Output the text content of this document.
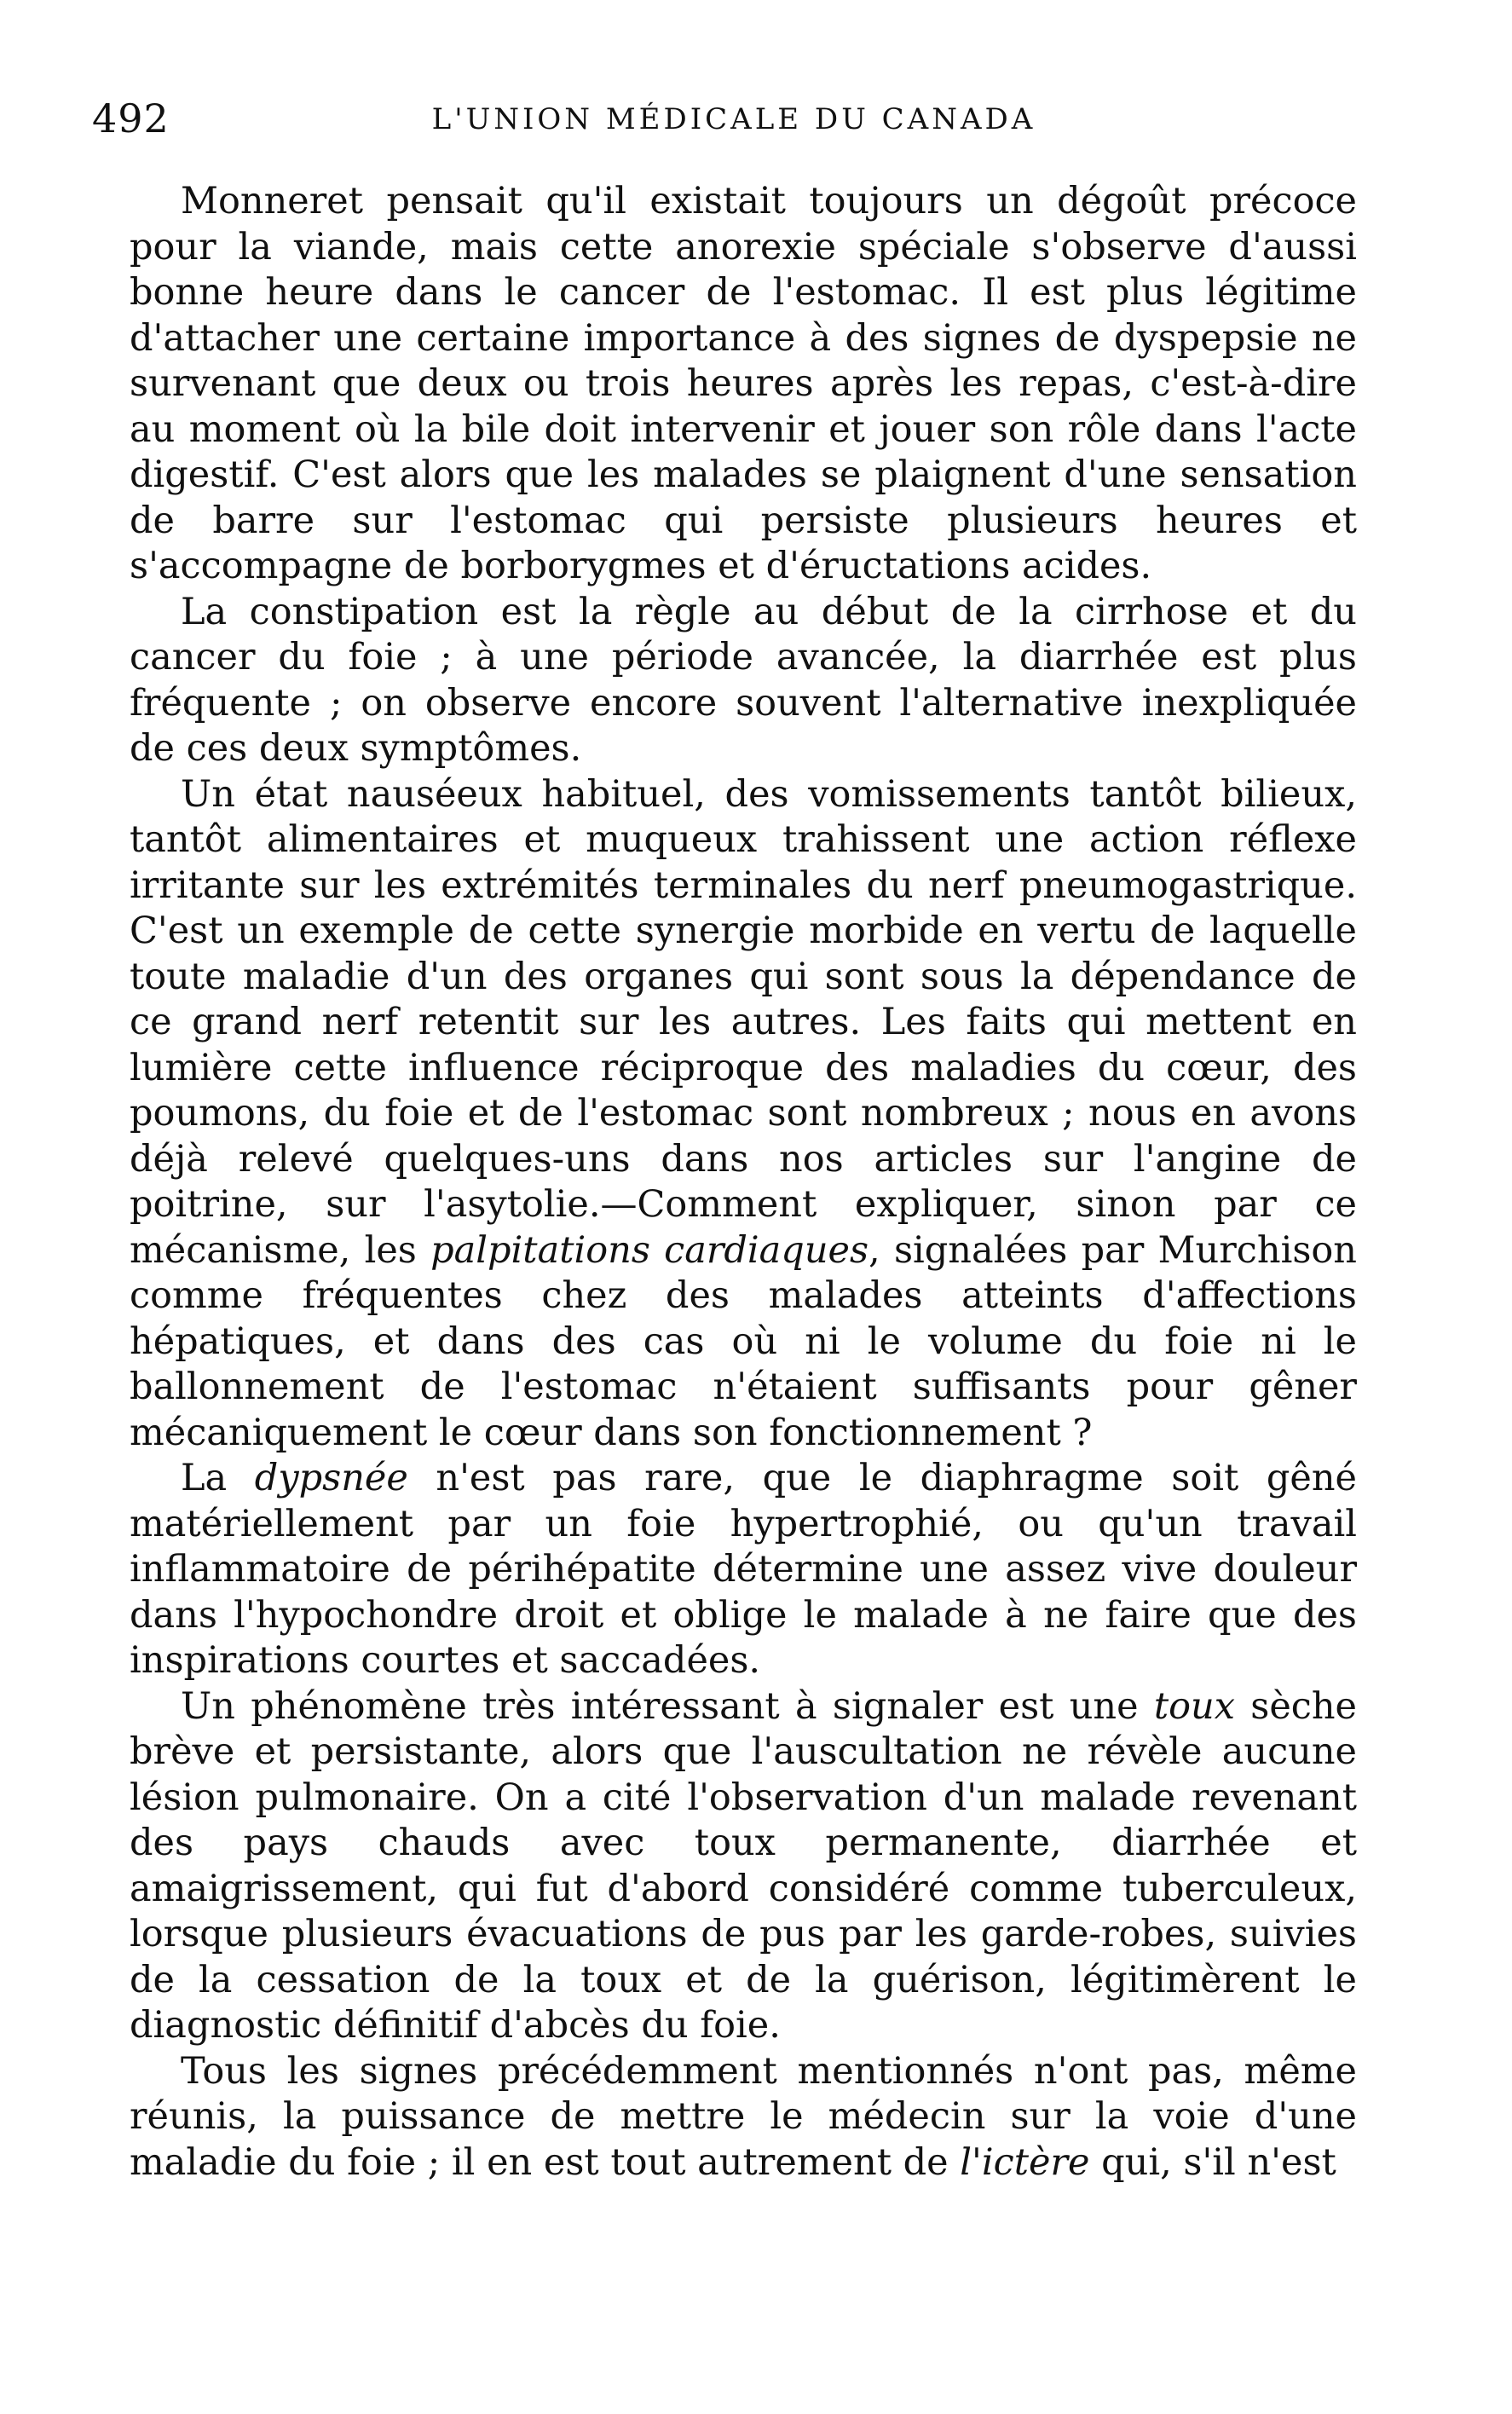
492	L'UNION MÉDICALE DU CANADA

Monneret pensait qu'il existait toujours un dégoût précoce pour la viande, mais cette anorexie spéciale s'observe d'aussi bonne heure dans le cancer de l'estomac. Il est plus légitime d'attacher une certaine importance à des signes de dyspepsie ne survenant que deux ou trois heures après les repas, c'est-à-dire au moment où la bile doit intervenir et jouer son rôle dans l'acte digestif. C'est alors que les malades se plaignent d'une sensation de barre sur l'estomac qui persiste plusieurs heures et s'accompagne de borborygmes et d'éructations acides.

La constipation est la règle au début de la cirrhose et du cancer du foie ; à une période avancée, la diarrhée est plus fréquente ; on observe encore souvent l'alternative inexpliquée de ces deux symptômes.

Un état nauséeux habituel, des vomissements tantôt bilieux, tantôt alimentaires et muqueux trahissent une action réflexe irritante sur les extrémités terminales du nerf pneumogastrique. C'est un exemple de cette synergie morbide en vertu de laquelle toute maladie d'un des organes qui sont sous la dépendance de ce grand nerf retentit sur les autres. Les faits qui mettent en lumière cette influence réciproque des maladies du cœur, des poumons, du foie et de l'estomac sont nombreux ; nous en avons déjà relevé quelques-uns dans nos articles sur l'angine de poitrine, sur l'asytolie.—Comment expliquer, sinon par ce mécanisme, les palpitations cardiaques, signalées par Murchison comme fréquentes chez des malades atteints d'affections hépatiques, et dans des cas où ni le volume du foie ni le ballonnement de l'estomac n'étaient suffisants pour gêner mécaniquement le cœur dans son fonctionnement ?

La dypsnée n'est pas rare, que le diaphragme soit gêné matériellement par un foie hypertrophié, ou qu'un travail inflammatoire de périhépatite détermine une assez vive douleur dans l'hypochondre droit et oblige le malade à ne faire que des inspirations courtes et saccadées.

Un phénomène très intéressant à signaler est une toux sèche brève et persistante, alors que l'auscultation ne révèle aucune lésion pulmonaire. On a cité l'observation d'un malade revenant des pays chauds avec toux permanente, diarrhée et amaigrissement, qui fut d'abord considéré comme tuberculeux, lorsque plusieurs évacuations de pus par les garde-robes, suivies de la cessation de la toux et de la guérison, légitimèrent le diagnostic définitif d'abcès du foie.

Tous les signes précédemment mentionnés n'ont pas, même réunis, la puissance de mettre le médecin sur la voie d'une maladie du foie ; il en est tout autrement de l'ictère qui, s'il n'est
